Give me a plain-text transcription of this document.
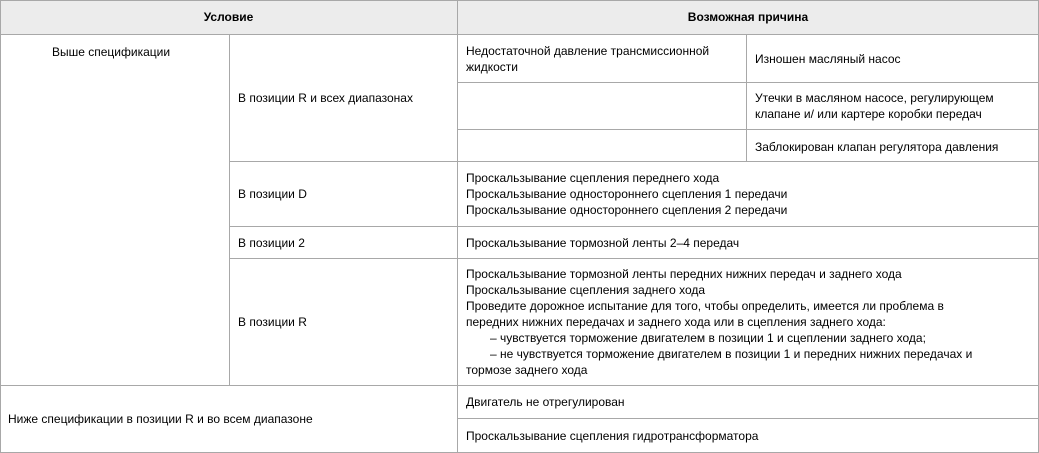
Условие	Возможная причина
Выше спецификации
В позиции R и всех диапазонах
Недостаточной давление трансмиссионной жидкости
Изношен масляный насос
Утечки в масляном насосе, регулирующем клапане и/ или картере коробки передач
Заблокирован клапан регулятора давления
В позиции D
Проскальзывание сцепления переднего хода
Проскальзывание одностороннего сцепления 1 передачи
Проскальзывание одностороннего сцепления 2 передачи
В позиции 2	Проскальзывание тормозной ленты 2–4 передач
В позиции R
Проскальзывание тормозной ленты передних нижних передач и заднего хода
Проскальзывание сцепления заднего хода
Проведите дорожное испытание для того, чтобы определить, имеется ли проблема в
передних нижних передачах и заднего хода или в сцепления заднего хода:
– чувствуется торможение двигателем в позиции 1 и сцеплении заднего хода;
– не чувствуется торможение двигателем в позиции 1 и передних нижних передачах и
тормозе заднего хода
Ниже спецификации в позиции R и во всем диапазоне
Двигатель не отрегулирован
Проскальзывание сцепления гидротрансформатора
